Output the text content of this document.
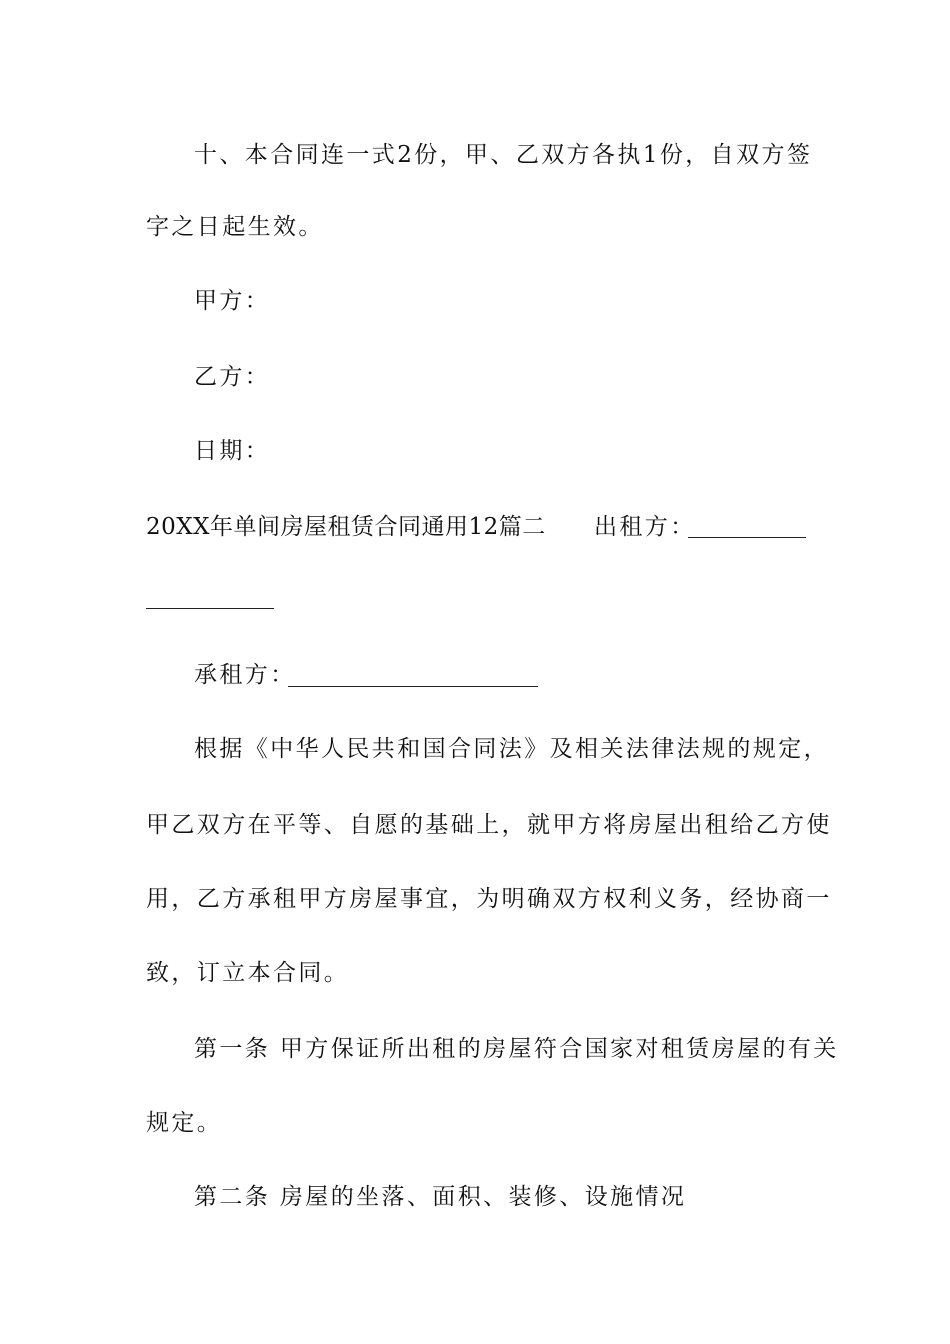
十、本合同连一式2份，甲、乙双方各执1份，自双方签
字之日起生效。
甲方：
乙方：
日期：
20XX年单间房屋租赁合同通用12篇二	出租方：
承租方：
根据《中华人民共和国合同法》及相关法律法规的规定，
甲乙双方在平等、自愿的基础上，就甲方将房屋出租给乙方使
用，乙方承租甲方房屋事宜，为明确双方权利义务，经协商一
致，订立本合同。
第一条 甲方保证所出租的房屋符合国家对租赁房屋的有关
规定。
第二条 房屋的坐落、面积、装修、设施情况
